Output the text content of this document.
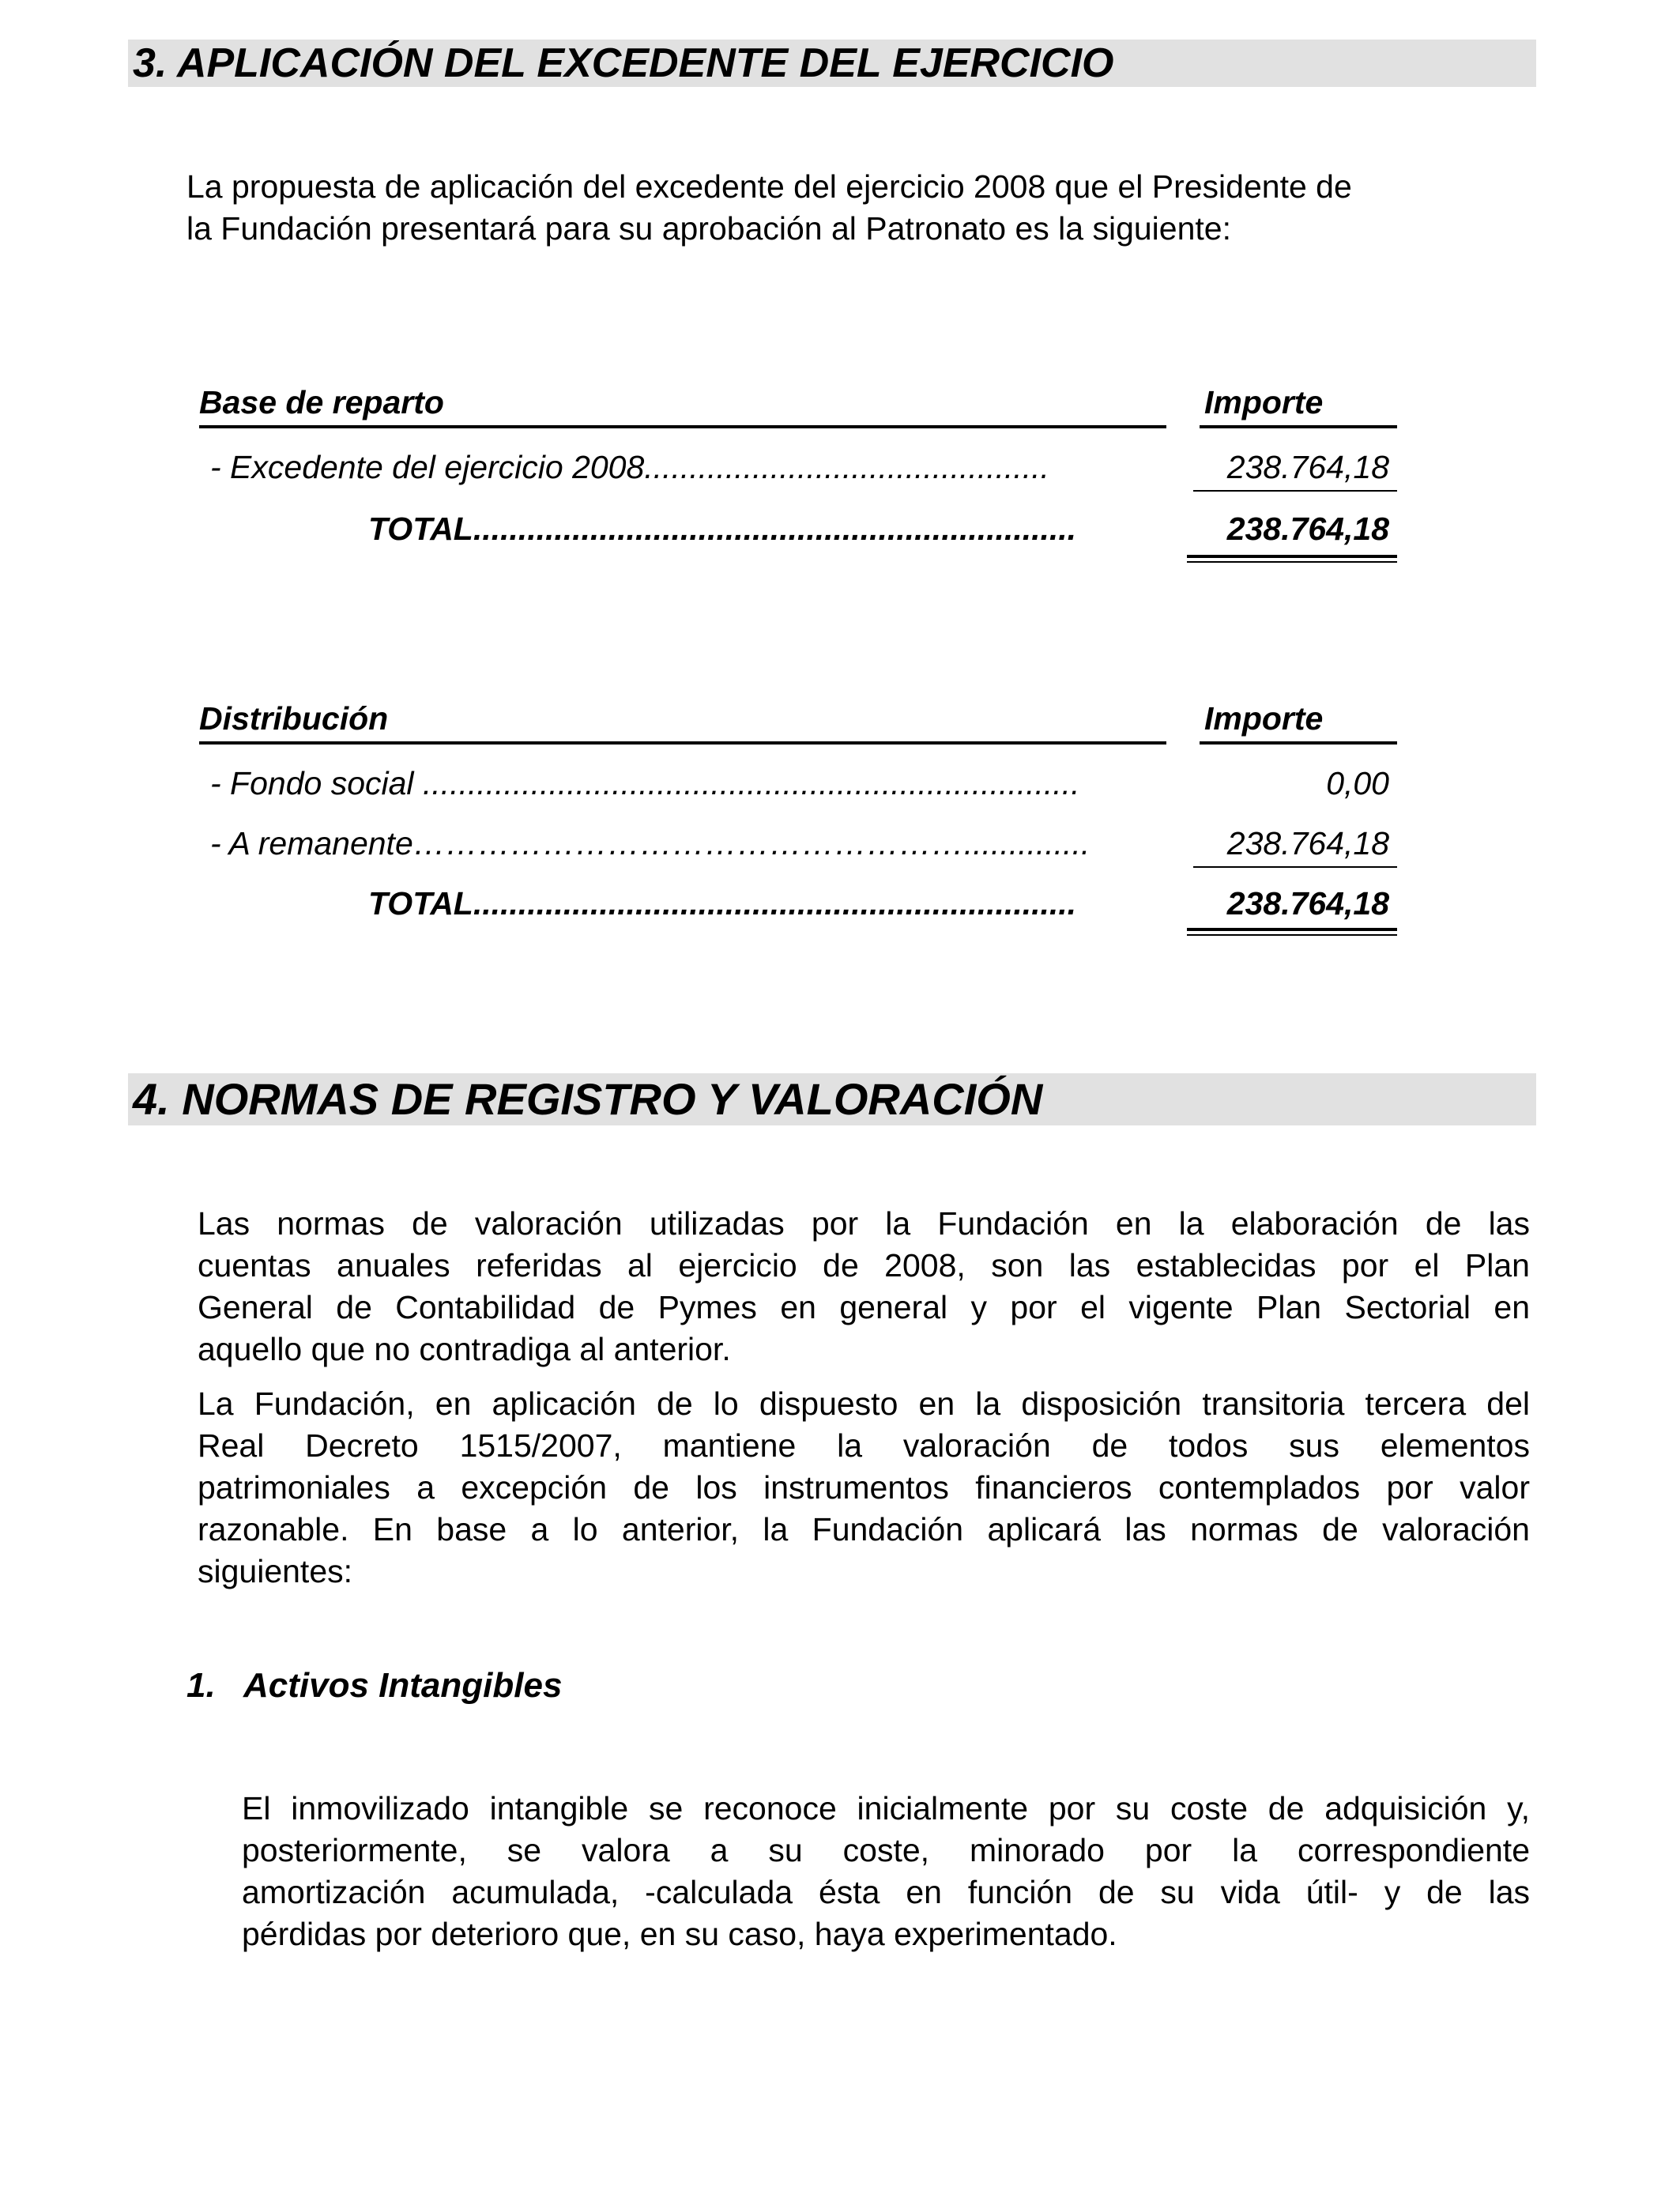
3. APLICACIÓN DEL EXCEDENTE DEL EJERCICIO
La propuesta de aplicación del excedente del ejercicio 2008 que el Presidente de
la Fundación presentará para su aprobación al Patronato es la siguiente:
Base de reparto	Importe
- Excedente del ejercicio 2008.............................................	238.764,18
TOTAL...................................................................	238.764,18
Distribución	Importe
- Fondo social .........................................................................	0,00
- A remanente……………………………………………..............	238.764,18
TOTAL...................................................................	238.764,18
4. NORMAS DE REGISTRO Y VALORACIÓN
Las normas de valoración utilizadas por la Fundación en la elaboración de las
cuentas anuales referidas al ejercicio de 2008, son las establecidas por el Plan
General de Contabilidad de Pymes en general y por el vigente Plan Sectorial en
aquello que no contradiga al anterior.
La Fundación, en aplicación de lo dispuesto en la disposición transitoria tercera del
Real Decreto 1515/2007, mantiene la valoración de todos sus elementos
patrimoniales a excepción de los instrumentos financieros contemplados por valor
razonable. En base a lo anterior, la Fundación aplicará las normas de valoración
siguientes:
1. Activos Intangibles
El inmovilizado intangible se reconoce inicialmente por su coste de adquisición y,
posteriormente, se valora a su coste, minorado por la correspondiente
amortización acumulada, -calculada ésta en función de su vida útil- y de las
pérdidas por deterioro que, en su caso, haya experimentado.
